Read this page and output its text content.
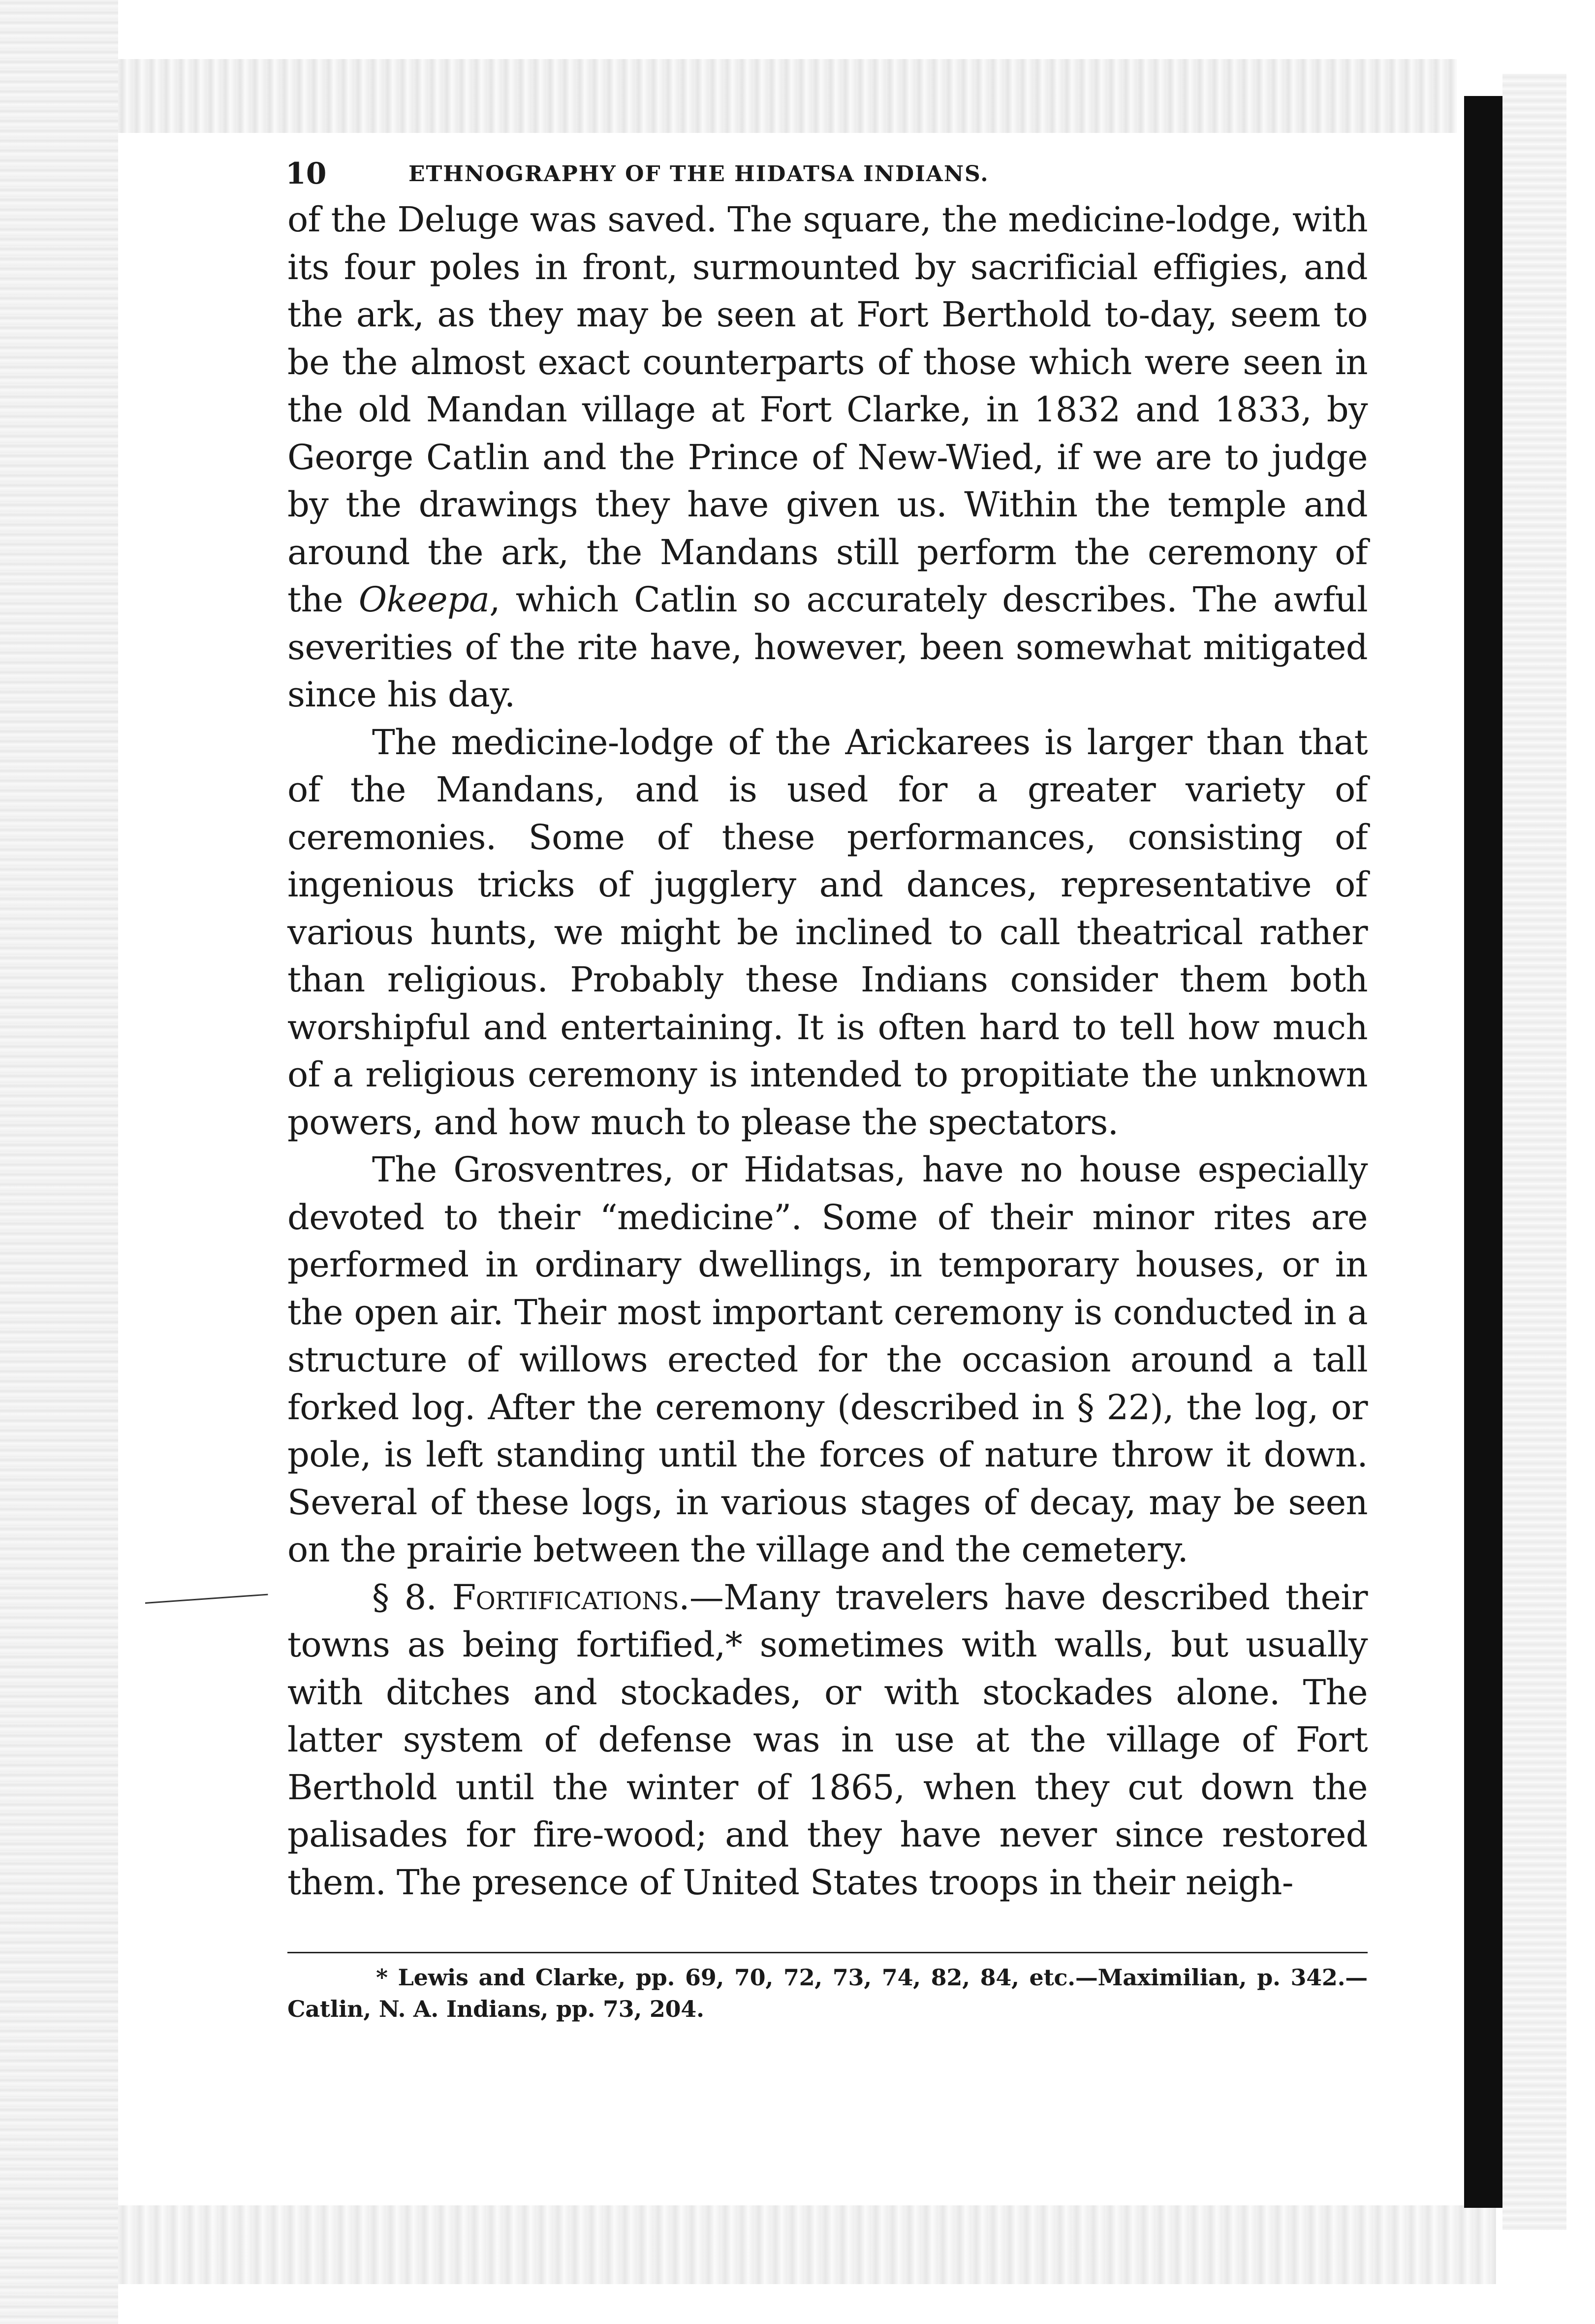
10	ETHNOGRAPHY OF THE HIDATSA INDIANS.

of the Deluge was saved. The square, the medicine-lodge, with its four poles in front, surmounted by sacrificial effigies, and the ark, as they may be seen at Fort Berthold to-day, seem to be the almost exact counterparts of those which were seen in the old Mandan village at Fort Clarke, in 1832 and 1833, by George Catlin and the Prince of New-Wied, if we are to judge by the drawings they have given us. Within the temple and around the ark, the Mandans still perform the ceremony of the Okeepa, which Catlin so accurately describes. The awful severities of the rite have, however, been somewhat mitigated since his day.

The medicine-lodge of the Arickarees is larger than that of the Mandans, and is used for a greater variety of ceremonies. Some of these performances, consisting of ingenious tricks of jugglery and dances, representative of various hunts, we might be inclined to call theatrical rather than religious. Probably these Indians consider them both worshipful and entertaining. It is often hard to tell how much of a religious ceremony is intended to propitiate the unknown powers, and how much to please the spectators.

The Grosventres, or Hidatsas, have no house especially devoted to their “medicine”. Some of their minor rites are performed in ordinary dwellings, in temporary houses, or in the open air. Their most important ceremony is conducted in a structure of willows erected for the occasion around a tall forked log. After the ceremony (described in § 22), the log, or pole, is left standing until the forces of nature throw it down. Several of these logs, in various stages of decay, may be seen on the prairie between the village and the cemetery.

§ 8. Fortifications.—Many travelers have described their towns as being fortified,* sometimes with walls, but usually with ditches and stockades, or with stockades alone. The latter system of defense was in use at the village of Fort Berthold until the winter of 1865, when they cut down the palisades for fire-wood; and they have never since restored them. The presence of United States troops in their neigh-

* Lewis and Clarke, pp. 69, 70, 72, 73, 74, 82, 84, etc.—Maximilian, p. 342.—Catlin, N. A. Indians, pp. 73, 204.
